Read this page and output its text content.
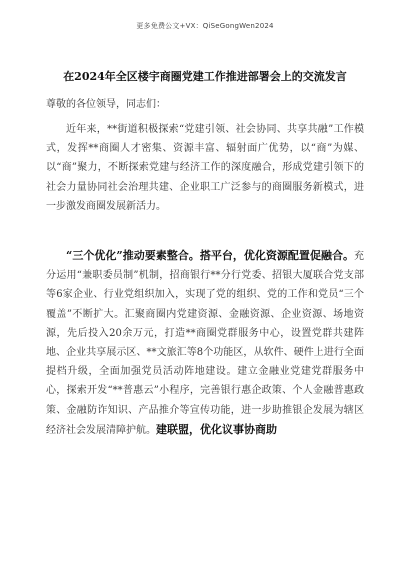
更多免费公文+VX：QiSeGongWen2024
在2024年全区楼宇商圈党建工作推进部署会上的交流发言
尊敬的各位领导，同志们：

近年来，**街道积极探索“党建引领、社会协同、共享共融”工作模式，发挥**商圈人才密集、资源丰富、辐射面广优势，以“商”为媒、以“商”聚力，不断探索党建与经济工作的深度融合，形成党建引领下的社会力量协同社会治理共建、企业职工广泛参与的商圈服务新模式，进一步激发商圈发展新活力。

“三个优化”推动要素整合。搭平台，优化资源配置促融合。充分运用“兼职委员制”机制，招商银行**分行党委、招银大厦联合党支部等6家企业、行业党组织加入，实现了党的组织、党的工作和党员“三个覆盖”不断扩大。汇聚商圈内党建资源、金融资源、企业资源、场地资源，先后投入20余万元，打造**商圈党群服务中心，设置党群共建阵地、企业共享展示区、**文旅汇等8个功能区，从软件、硬件上进行全面提档升级，全面加强党员活动阵地建设。建立金融业党建党群服务中心，探索开发“**普惠云”小程序，完善银行惠企政策、个人金融普惠政策、金融防诈知识、产品推介等宣传功能，进一步助推银企发展为辖区经济社会发展清障护航。建联盟，优化议事协商助
